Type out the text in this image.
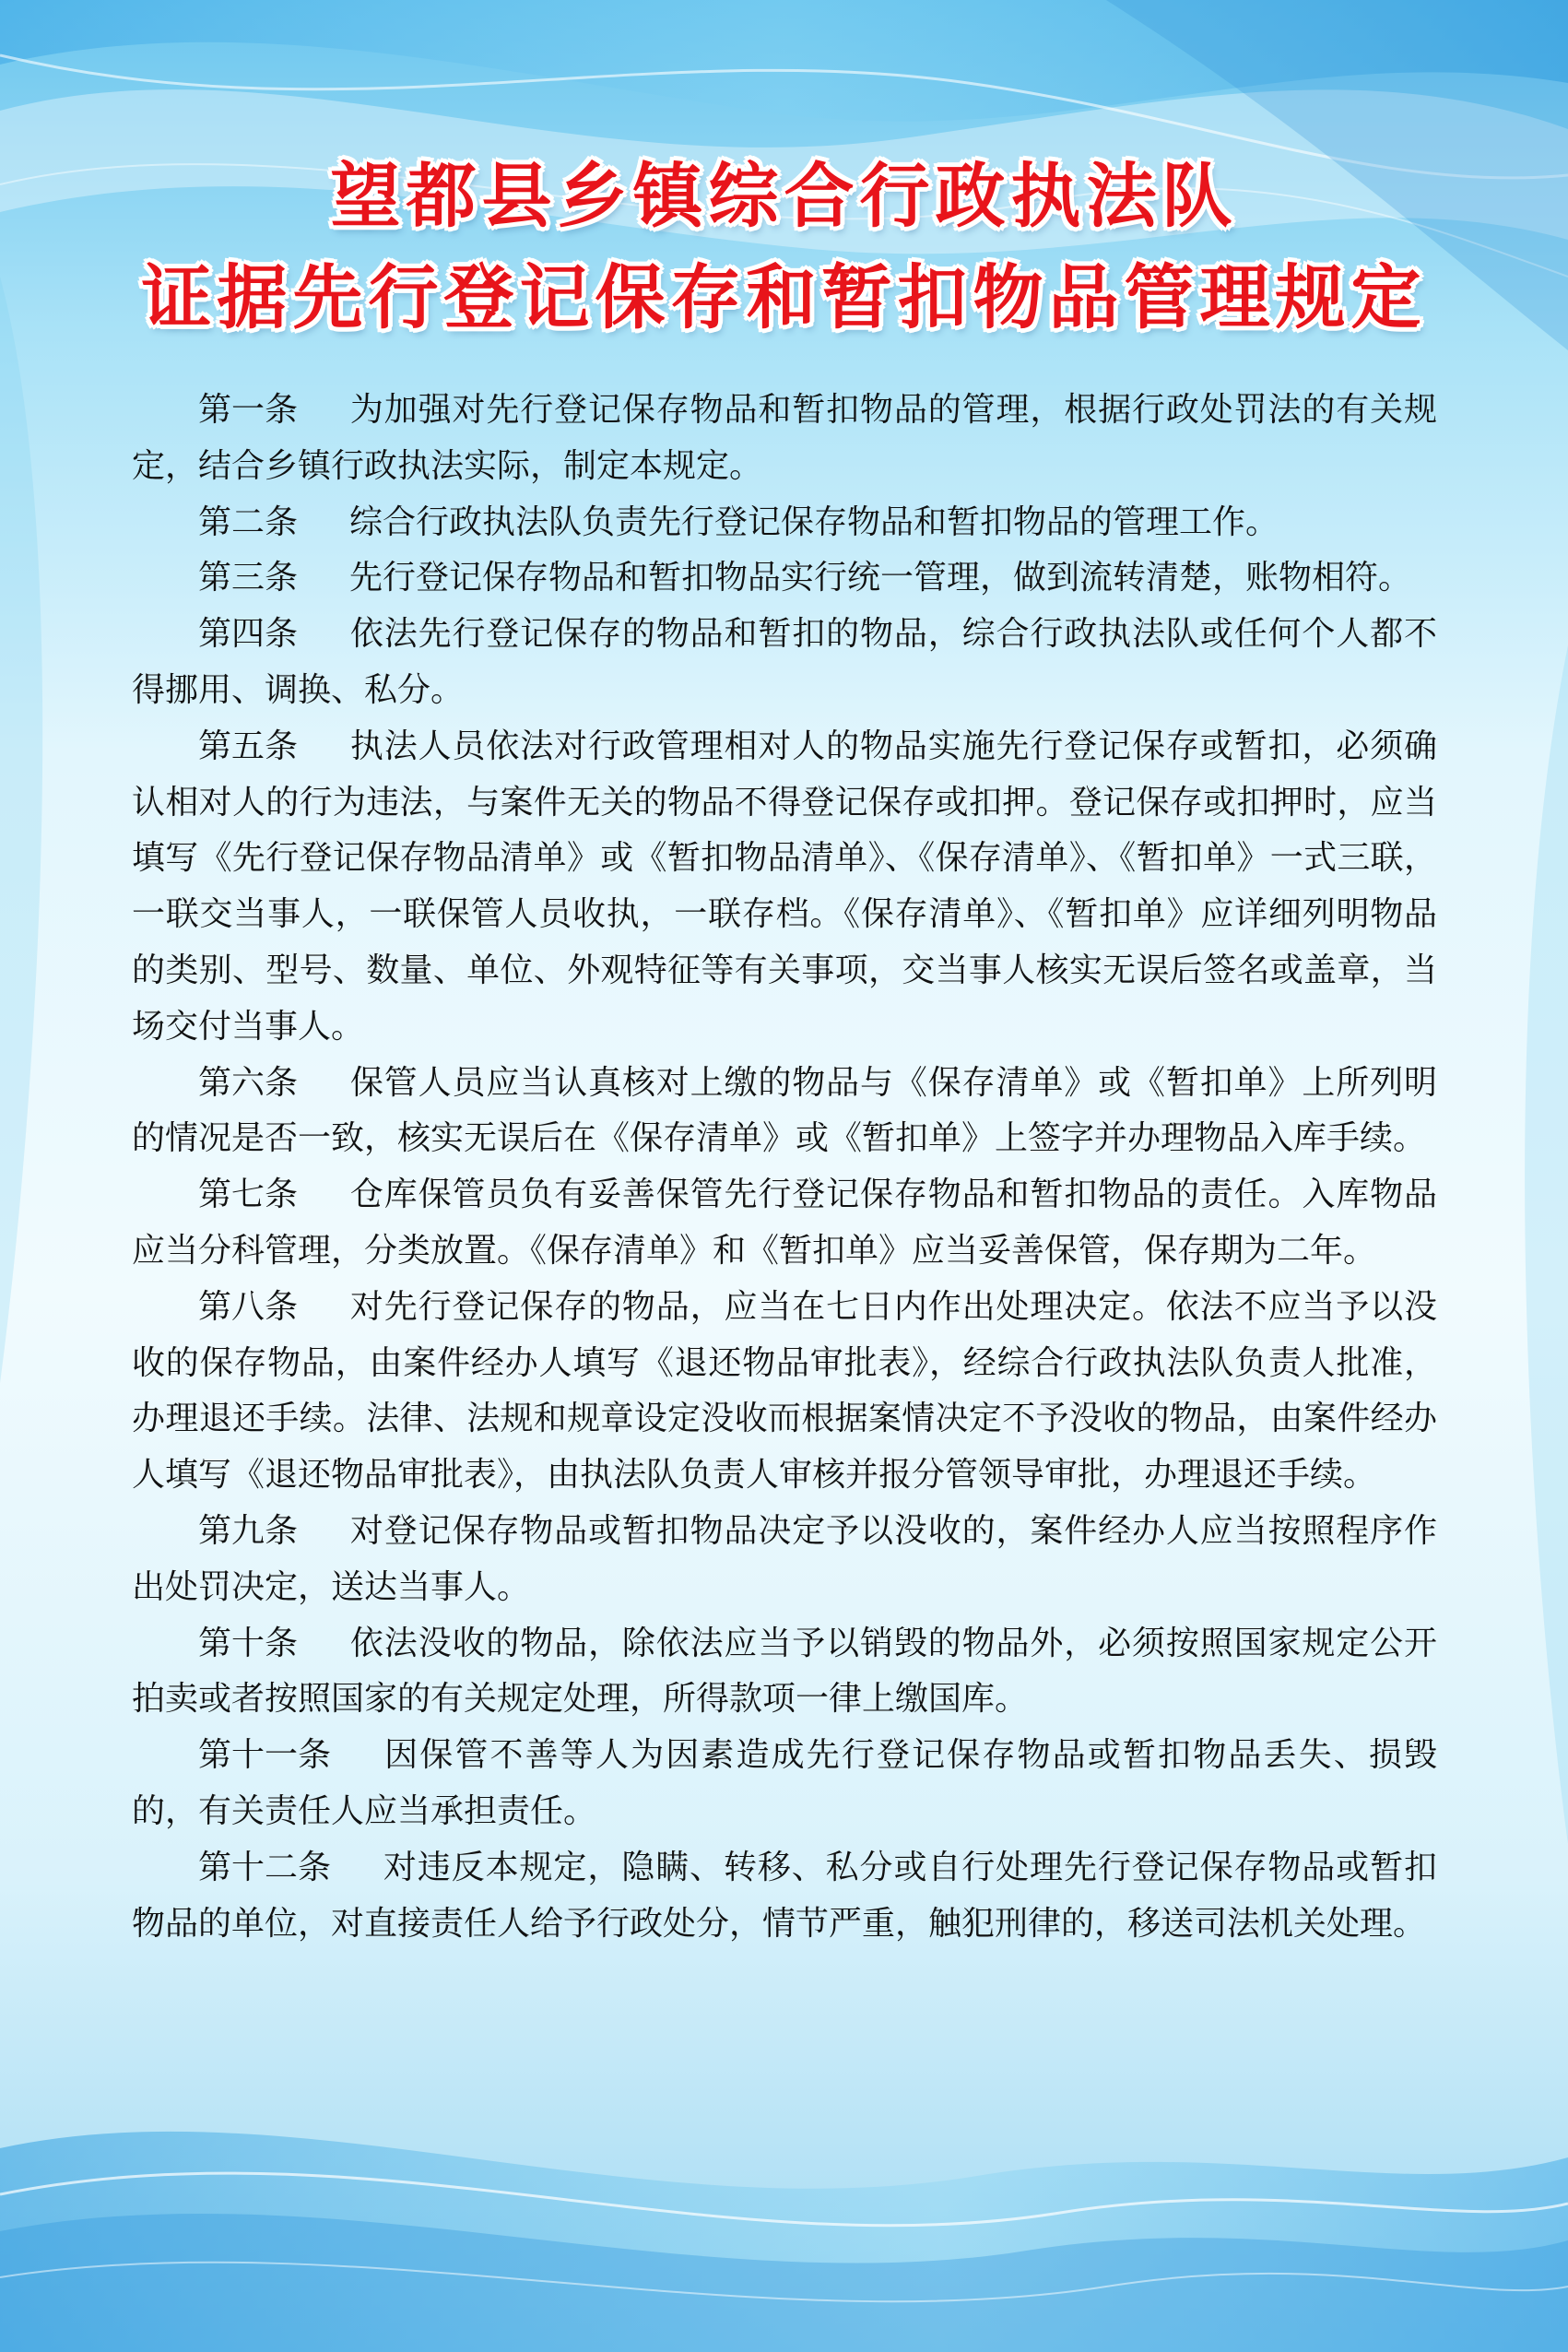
望都县乡镇综合行政执法队
证据先行登记保存和暂扣物品管理规定

第一条 为加强对先行登记保存物品和暂扣物品的管理，根据行政处罚法的有关规定，结合乡镇行政执法实际，制定本规定。

第二条 综合行政执法队负责先行登记保存物品和暂扣物品的管理工作。

第三条 先行登记保存物品和暂扣物品实行统一管理，做到流转清楚，账物相符。

第四条 依法先行登记保存的物品和暂扣的物品，综合行政执法队或任何个人都不得挪用、调换、私分。

第五条 执法人员依法对行政管理相对人的物品实施先行登记保存或暂扣，必须确认相对人的行为违法，与案件无关的物品不得登记保存或扣押。登记保存或扣押时，应当填写《先行登记保存物品清单》或《暂扣物品清单》、《保存清单》、《暂扣单》一式三联，一联交当事人，一联保管人员收执，一联存档。《保存清单》、《暂扣单》应详细列明物品的类别、型号、数量、单位、外观特征等有关事项，交当事人核实无误后签名或盖章，当场交付当事人。

第六条 保管人员应当认真核对上缴的物品与《保存清单》或《暂扣单》上所列明的情况是否一致，核实无误后在《保存清单》或《暂扣单》上签字并办理物品入库手续。

第七条 仓库保管员负有妥善保管先行登记保存物品和暂扣物品的责任。入库物品应当分科管理，分类放置。《保存清单》和《暂扣单》应当妥善保管，保存期为二年。

第八条 对先行登记保存的物品，应当在七日内作出处理决定。依法不应当予以没收的保存物品，由案件经办人填写《退还物品审批表》，经综合行政执法队负责人批准，办理退还手续。法律、法规和规章设定没收而根据案情决定不予没收的物品，由案件经办人填写《退还物品审批表》，由执法队负责人审核并报分管领导审批，办理退还手续。

第九条 对登记保存物品或暂扣物品决定予以没收的，案件经办人应当按照程序作出处罚决定，送达当事人。

第十条 依法没收的物品，除依法应当予以销毁的物品外，必须按照国家规定公开拍卖或者按照国家的有关规定处理，所得款项一律上缴国库。

第十一条 因保管不善等人为因素造成先行登记保存物品或暂扣物品丢失、损毁的，有关责任人应当承担责任。

第十二条 对违反本规定，隐瞒、转移、私分或自行处理先行登记保存物品或暂扣物品的单位，对直接责任人给予行政处分，情节严重，触犯刑律的，移送司法机关处理。
